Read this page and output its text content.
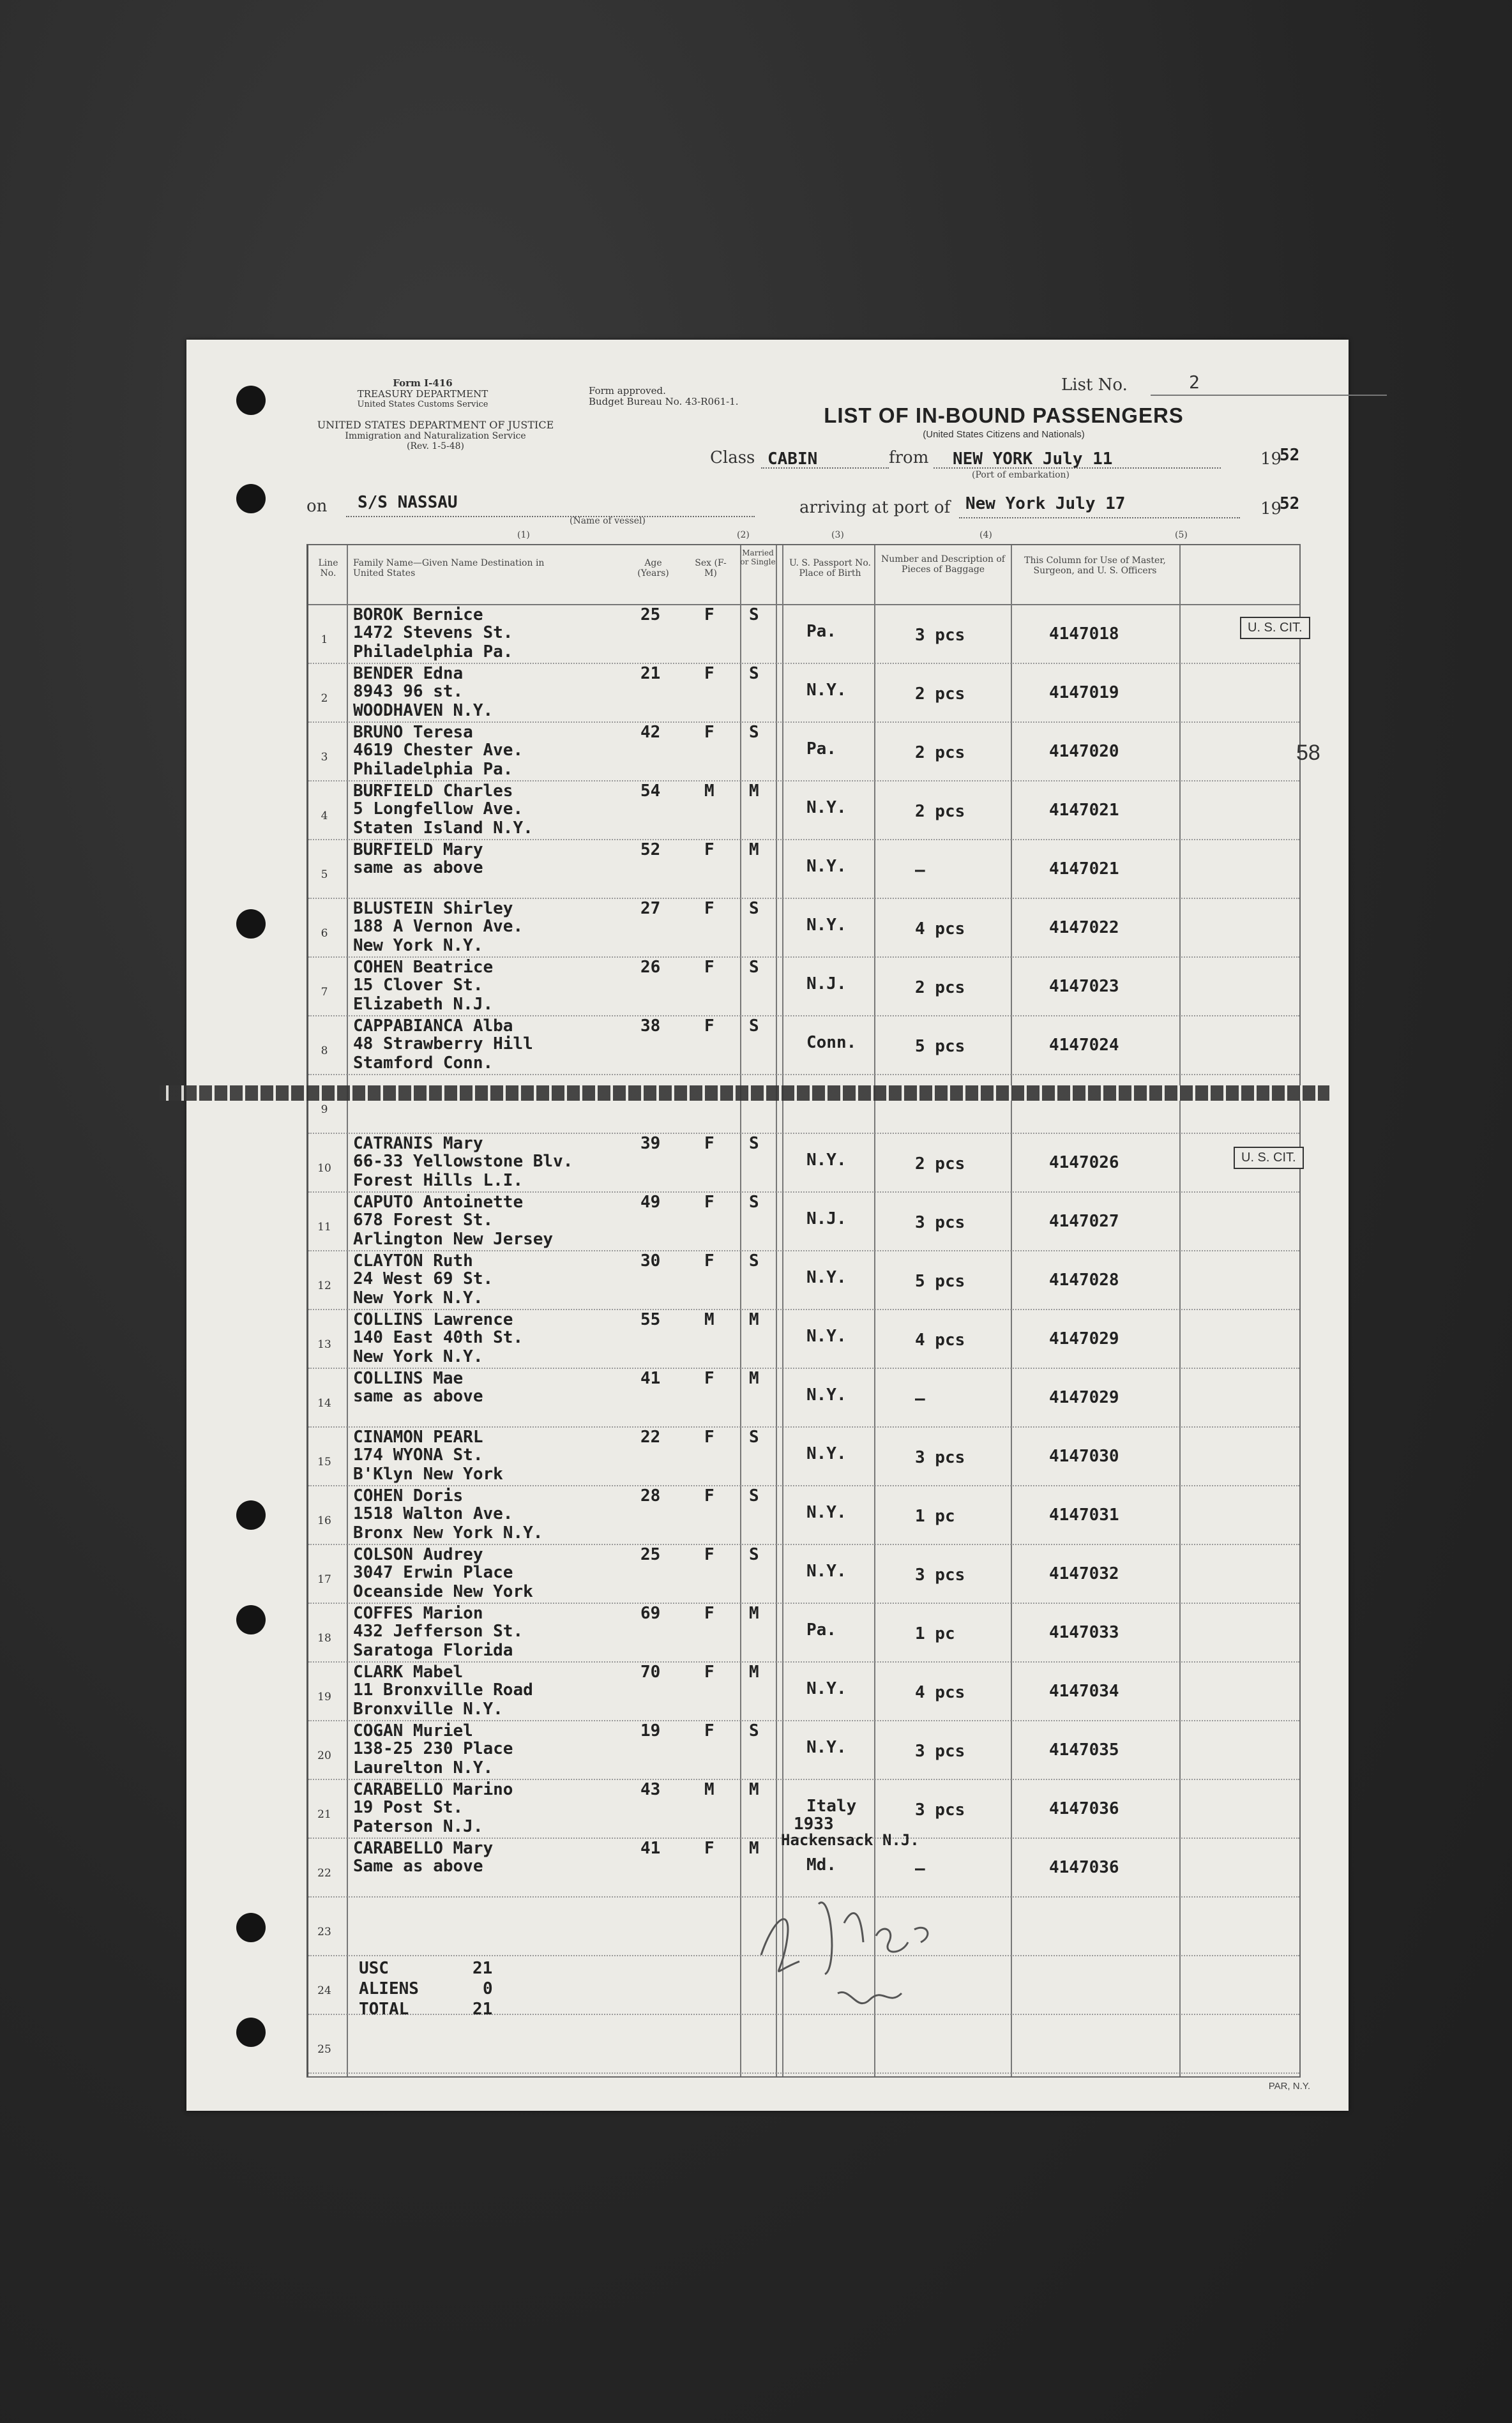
Form I-416
TREASURY DEPARTMENT
United States Customs Service
UNITED STATES DEPARTMENT OF JUSTICE
Immigration and Naturalization Service
(Rev. 1-5-48)
Form approved.
Budget Bureau No. 43-R061-1.
List No.	2
LIST OF IN-BOUND PASSENGERS
(United States Citizens and Nationals)
Class CABIN	from NEW YORK July 11
(Port of embarkation)
19
52
on S/S NASSAU
(Name of vessel)
arriving at port of New York July 17	19
52
(1)	(2)	(3)	(4)	(5)
Line No.
Family Name—Given Name Destination in United States
Age (Years)
Sex (F-M)
Married or Single U. S. Passport No. Place of Birth
Number and Description of Pieces of Baggage
This Column for Use of Master, Surgeon, and U. S. Officers
1
BOROK Bernice
1472 Stevens St.
Philadelphia Pa.
25	F S
Pa.	3 pcs	4147018
2
BENDER Edna
8943 96 st.
WOODHAVEN N.Y.
21	F S
N.Y.	2 pcs	4147019
3
BRUNO Teresa
4619 Chester Ave.
Philadelphia Pa.
42	F S
Pa.	2 pcs	4147020
4
BURFIELD Charles
5 Longfellow Ave.
Staten Island N.Y.
54	M M
N.Y.	2 pcs	4147021
5
BURFIELD Mary
same as above
52	F M
N.Y.	–	4147021
6
BLUSTEIN Shirley
188 A Vernon Ave.
New York N.Y.
27	F S
N.Y.	4 pcs	4147022
7
COHEN Beatrice
15 Clover St.
Elizabeth N.J.
26	F S
N.J.	2 pcs	4147023
8
CAPPABIANCA Alba
48 Strawberry Hill
Stamford Conn.
38	F S
Conn.	5 pcs	4147024
9
10
CATRANIS Mary
66-33 Yellowstone Blv.
Forest Hills L.I.
39	F S
N.Y.	2 pcs	4147026
11
CAPUTO Antoinette
678 Forest St.
Arlington New Jersey
49	F S
N.J.	3 pcs	4147027
12
CLAYTON Ruth
24 West 69 St.
New York N.Y.
30	F S
N.Y.	5 pcs	4147028
13
COLLINS Lawrence
140 East 40th St.
New York N.Y.
55	M M
N.Y.	4 pcs	4147029
14
COLLINS Mae
same as above
41	F M
N.Y.	–	4147029
15
CINAMON PEARL
174 WYONA St.
B'Klyn New York
22	F S
N.Y.	3 pcs	4147030
16
COHEN Doris
1518 Walton Ave.
Bronx New York N.Y.
28	F S
N.Y.	1 pc	4147031
17
COLSON Audrey
3047 Erwin Place
Oceanside New York
25	F S
N.Y.	3 pcs	4147032
18
COFFES Marion
432 Jefferson St.
Saratoga Florida
69	F M
Pa.	1 pc	4147033
19
CLARK Mabel
11 Bronxville Road
Bronxville N.Y.
70	F M
N.Y.	4 pcs	4147034
20
COGAN Muriel
138-25 230 Place
Laurelton N.Y.
19	F S
N.Y.	3 pcs	4147035
21
CARABELLO Marino
19 Post St.
Paterson N.J.
43	M M
Italy
1933
Hackensack N.J.
3 pcs	4147036
22
CARABELLO Mary
Same as above
41	F M
Md.	–	4147036
23
24
25
U. S. CIT.
U. S. CIT.
58
USC	21
ALIENS	0
TOTAL	21
PAR, N.Y.
